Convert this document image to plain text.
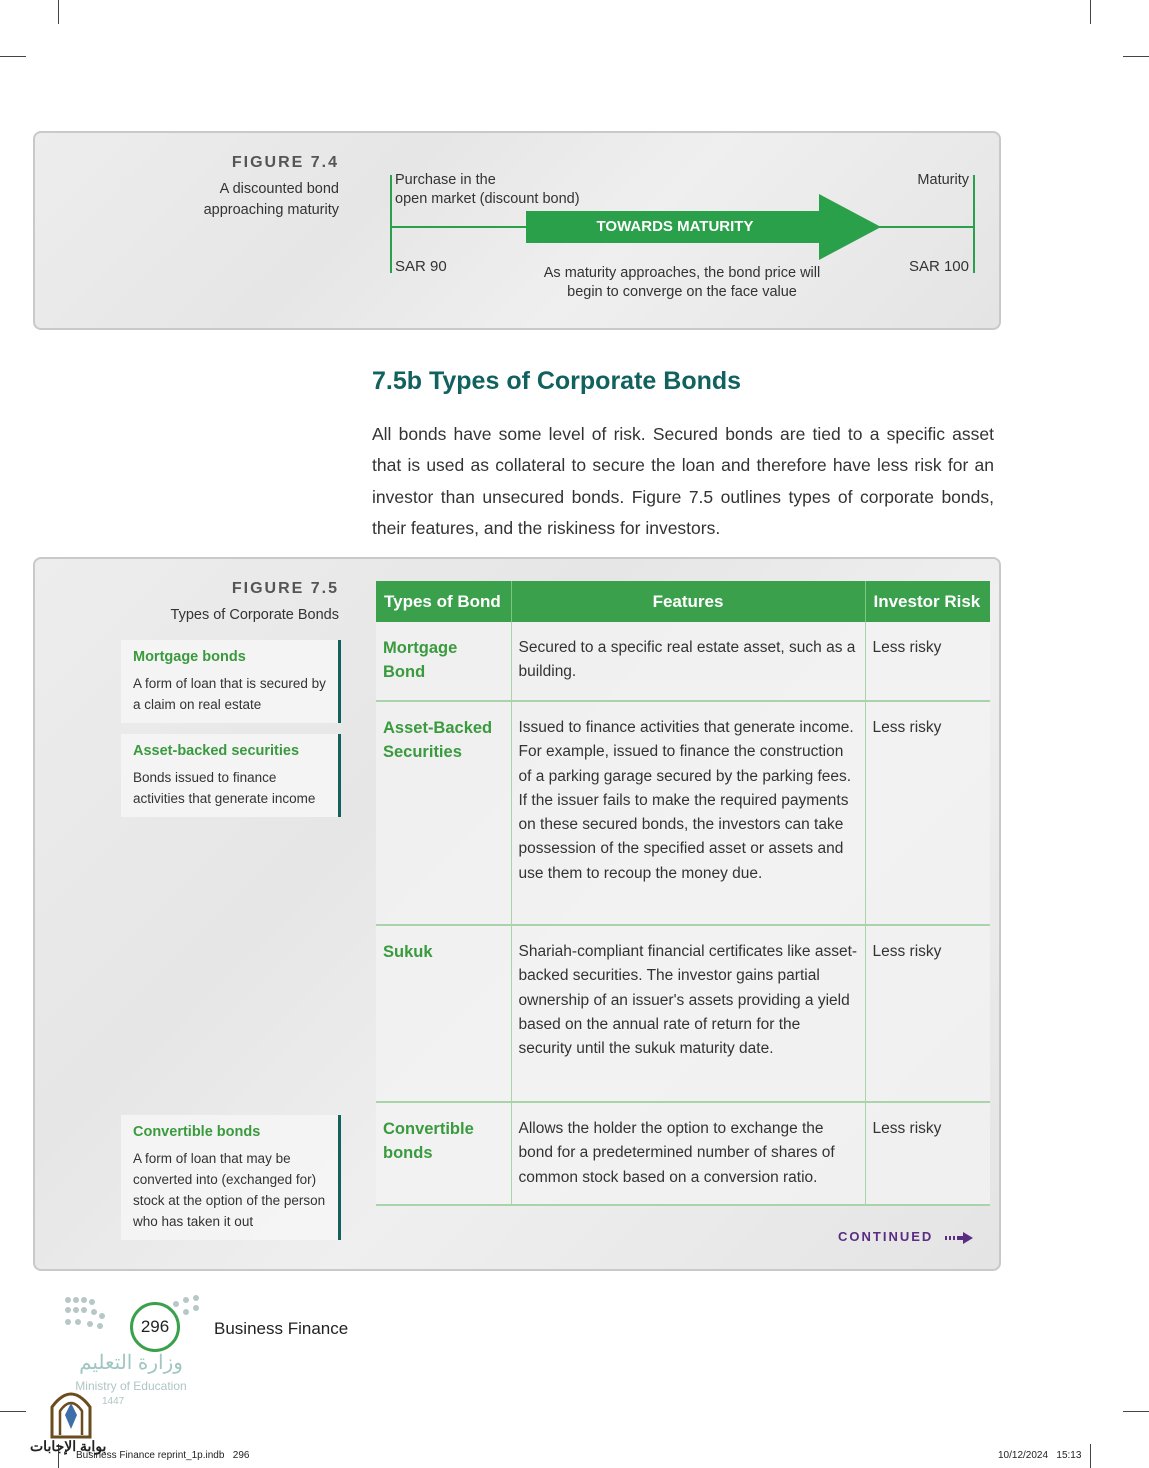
FIGURE 7.4
A discounted bond approaching maturity
Purchase in the
open market (discount bond)
Maturity
TOWARDS MATURITY
SAR 90	SAR 100
As maturity approaches, the bond price will
begin to converge on the face value
7.5b Types of Corporate Bonds
All bonds have some level of risk. Secured bonds are tied to a specific asset that is used as collateral to secure the loan and therefore have less risk for an investor than unsecured bonds. Figure 7.5 outlines types of corporate bonds, their features, and the riskiness for investors.
FIGURE 7.5
Types of Corporate Bonds
Mortgage bonds
A form of loan that is secured by a claim on real estate
Asset-backed securities
Bonds issued to finance activities that generate income
Convertible bonds
A form of loan that may be converted into (exchanged for) stock at the option of the person who has taken it out
Types of Bond	Features	Investor Risk
Mortgage Bond	Secured to a specific real estate asset, such as a building.	Less risky
Asset-Backed Securities	Issued to finance activities that generate income. For example, issued to finance the construction of a parking garage secured by the parking fees. If the issuer fails to make the required payments on these secured bonds, the investors can take possession of the specified asset or assets and use them to recoup the money due.	Less risky
Sukuk	Shariah-compliant financial certificates like asset-backed securities. The investor gains partial ownership of an issuer's assets providing a yield based on the annual rate of return for the security until the sukuk maturity date.	Less risky
Convertible bonds	Allows the holder the option to exchange the bond for a predetermined number of shares of common stock based on a conversion ratio.	Less risky
CONTINUED
296	Business Finance
وزارة التعليم
Ministry of Education
1447
بوابة الإجابات
Business Finance reprint_1p.indb   296	10/12/2024   15:13
